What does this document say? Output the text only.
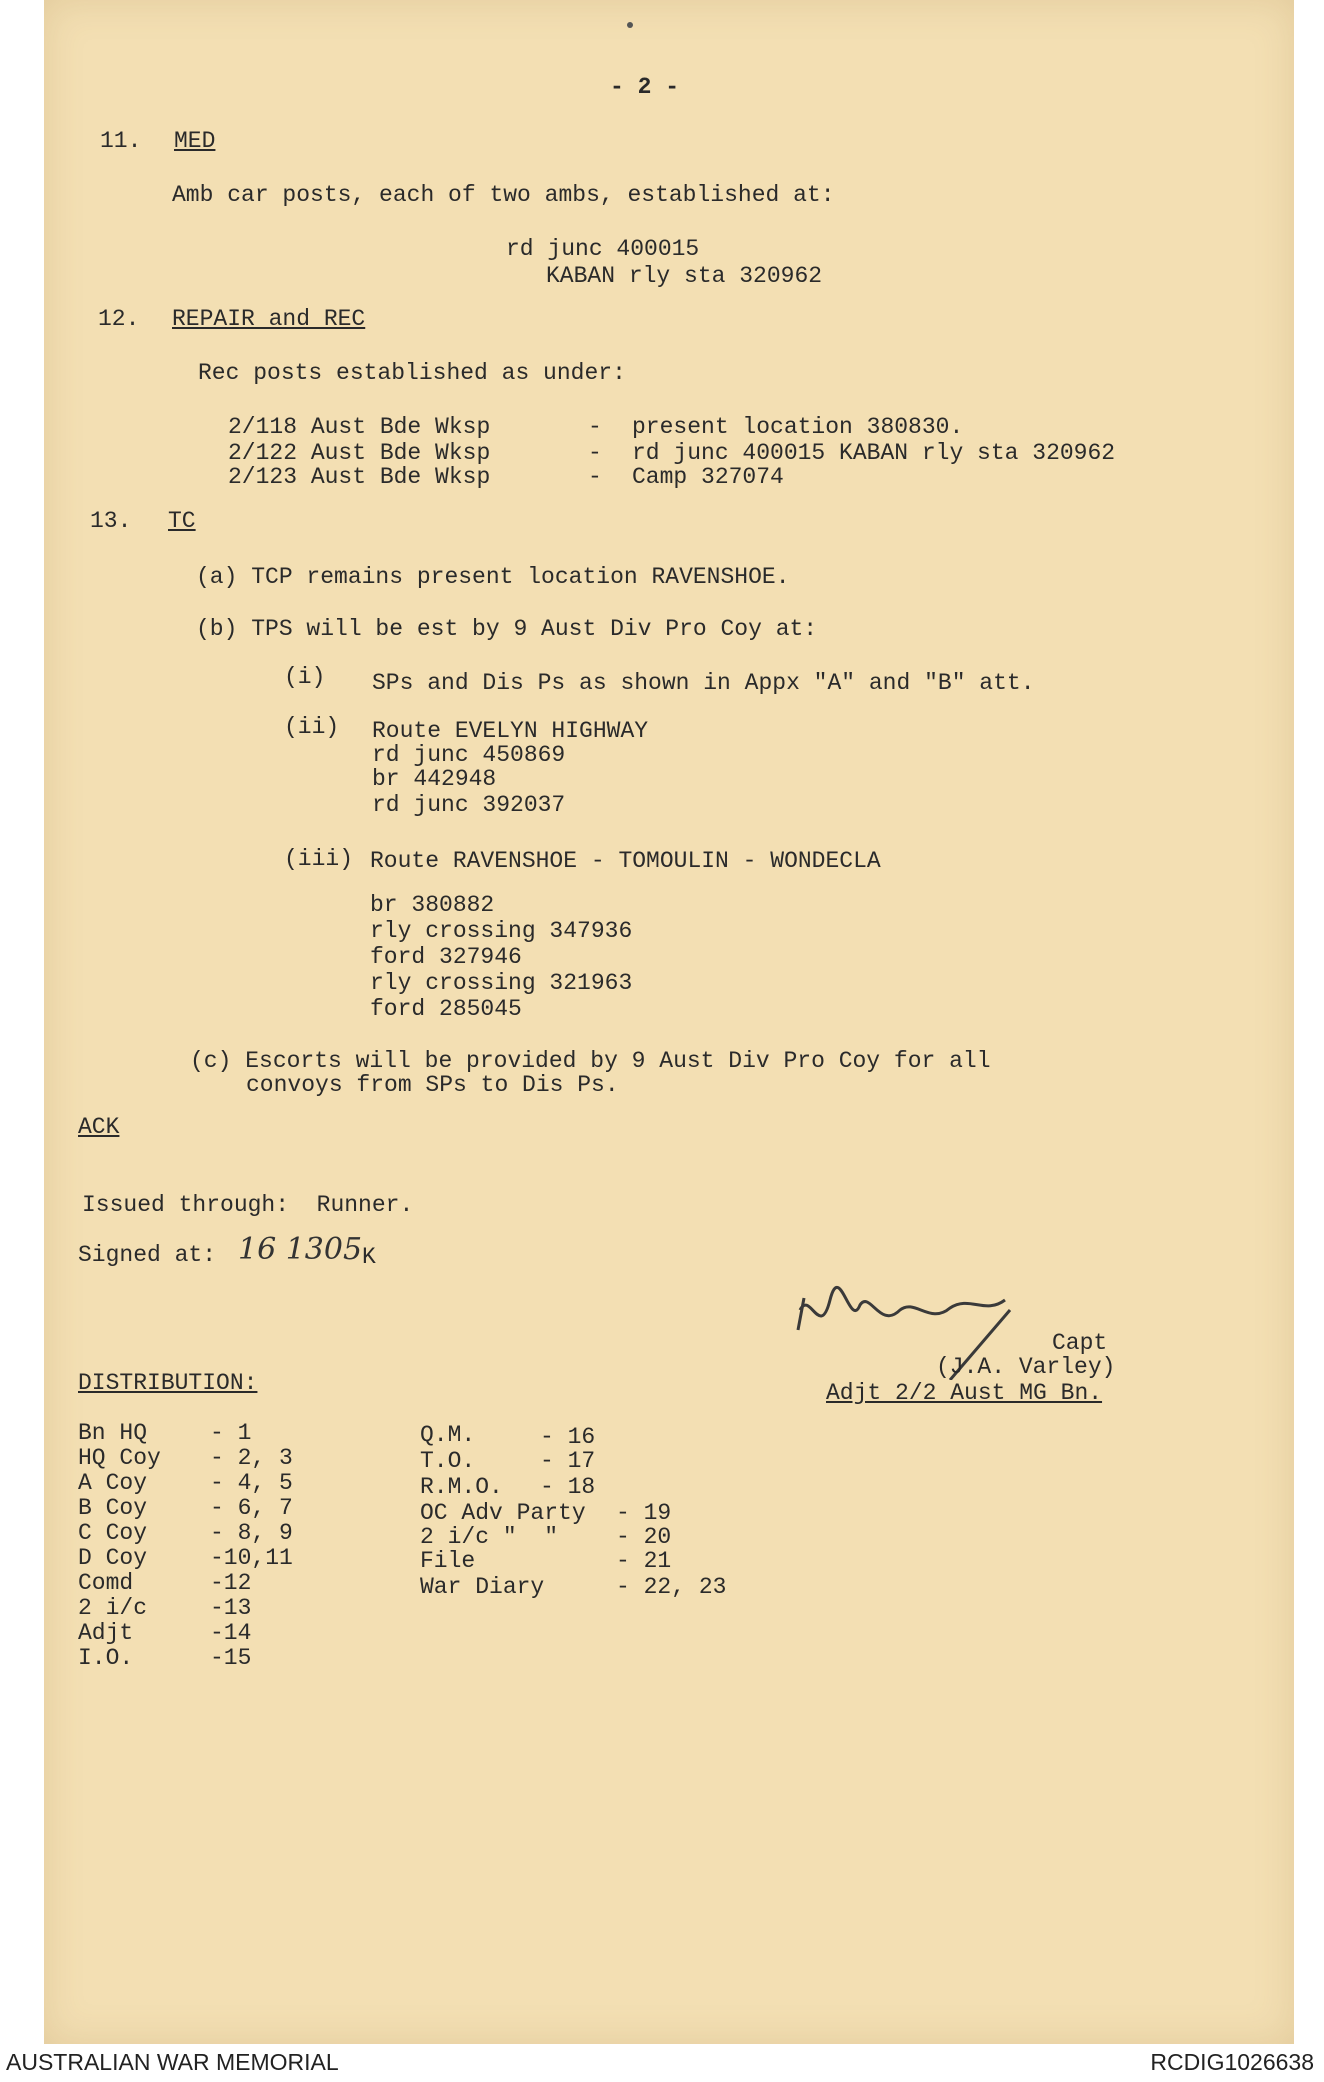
- 2 -
11. MED
Amb car posts, each of two ambs, established at:
rd junc 400015
KABAN rly sta 320962
12. REPAIR and REC
Rec posts established as under:
2/118 Aust Bde Wksp	- present location 380830.
2/122 Aust Bde Wksp	- rd junc 400015 KABAN rly sta 320962
2/123 Aust Bde Wksp	- Camp 327074
13. TC
(a) TCP remains present location RAVENSHOE.
(b) TPS will be est by 9 Aust Div Pro Coy at:
(i) SPs and Dis Ps as shown in Appx "A" and "B" att.
(ii) Route EVELYN HIGHWAY
rd junc 450869
br 442948
rd junc 392037
(iii) Route RAVENSHOE - TOMOULIN - WONDECLA
br 380882
rly crossing 347936
ford 327946
rly crossing 321963
ford 285045
(c) Escorts will be provided by 9 Aust Div Pro Coy for all
convoys from SPs to Dis Ps.
ACK
Issued through:  Runner.
Signed at: 16 1305 K
Capt
(J.A. Varley)
Adjt 2/2 Aust MG Bn.
DISTRIBUTION:
Bn HQ	- 1
HQ Coy - 2, 3
A Coy	- 4, 5
B Coy	- 6, 7
C Coy	- 8, 9
D Coy	-10,11
Comd	-12
2 i/c	-13
Adjt	-14
I.O.	-15
Q.M.	- 16
T.O.	- 17
R.M.O. - 18
OC Adv Party - 19
2 i/c "  "	- 20
File	- 21
War Diary	- 22, 23
AUSTRALIAN WAR MEMORIAL	RCDIG1026638
